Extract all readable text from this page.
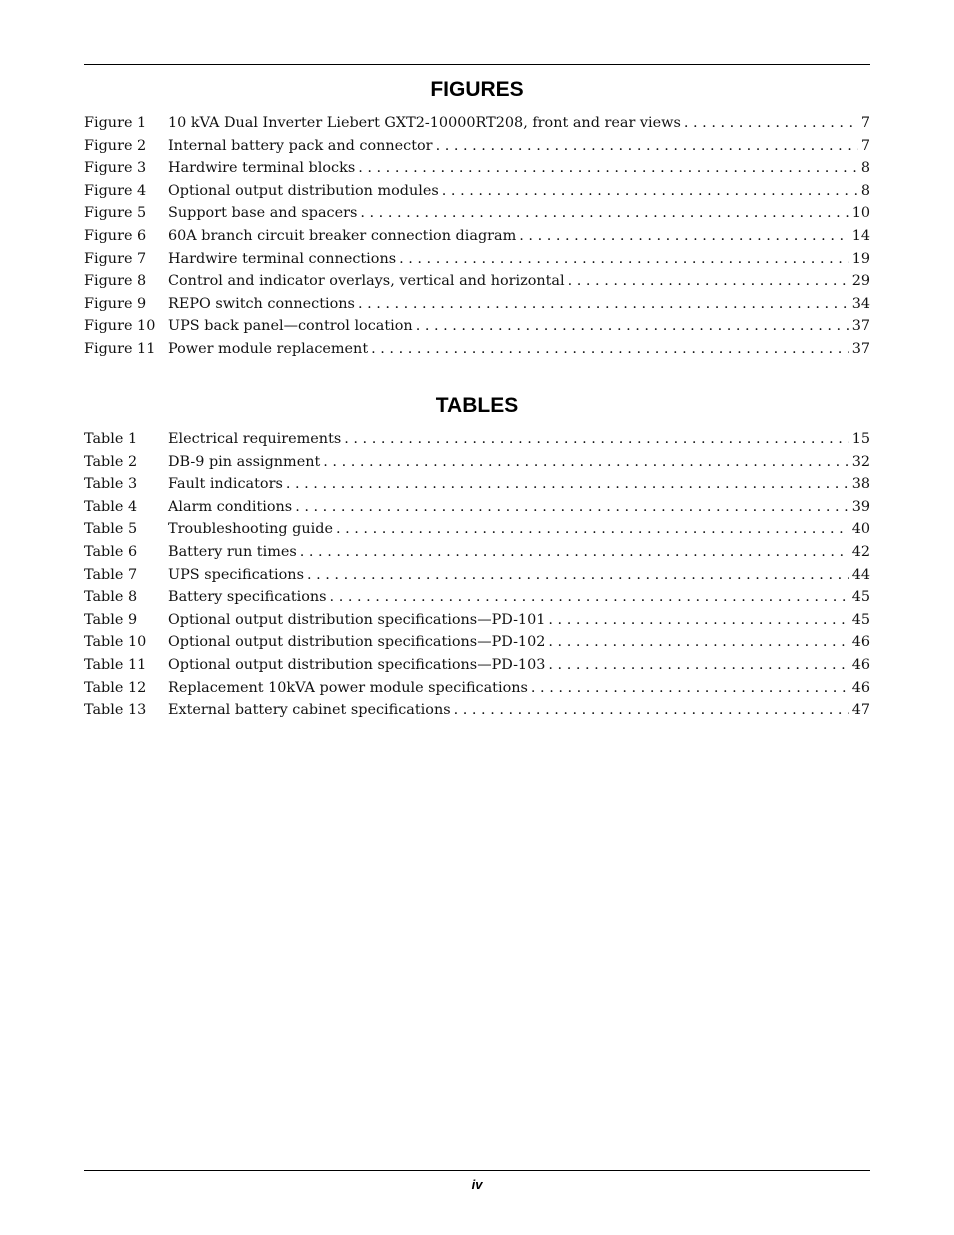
FIGURES
Figure 1	10 kVA Dual Inverter Liebert GXT2-10000RT208, front and rear views . . .	7
Figure 2	Internal battery pack and connector . . .	7
Figure 3	Hardwire terminal blocks . . .	8
Figure 4	Optional output distribution modules . . .	8
Figure 5	Support base and spacers . . .	10
Figure 6	60A branch circuit breaker connection diagram . . .	14
Figure 7	Hardwire terminal connections . . .	19
Figure 8	Control and indicator overlays, vertical and horizontal . . .	29
Figure 9	REPO switch connections . . .	34
Figure 10 UPS back panel—control location . . .	37
Figure 11 Power module replacement . . .	37
TABLES
Table 1	Electrical requirements . . .	15
Table 2	DB-9 pin assignment . . .	32
Table 3	Fault indicators . . .	38
Table 4	Alarm conditions . . .	39
Table 5	Troubleshooting guide . . .	40
Table 6	Battery run times . . .	42
Table 7	UPS specifications . . .	44
Table 8	Battery specifications . . .	45
Table 9	Optional output distribution specifications—PD-101 . . .	45
Table 10	Optional output distribution specifications—PD-102 . . .	46
Table 11	Optional output distribution specifications—PD-103 . . .	46
Table 12	Replacement 10kVA power module specifications . . .	46
Table 13	External battery cabinet specifications . . .	47
iv
